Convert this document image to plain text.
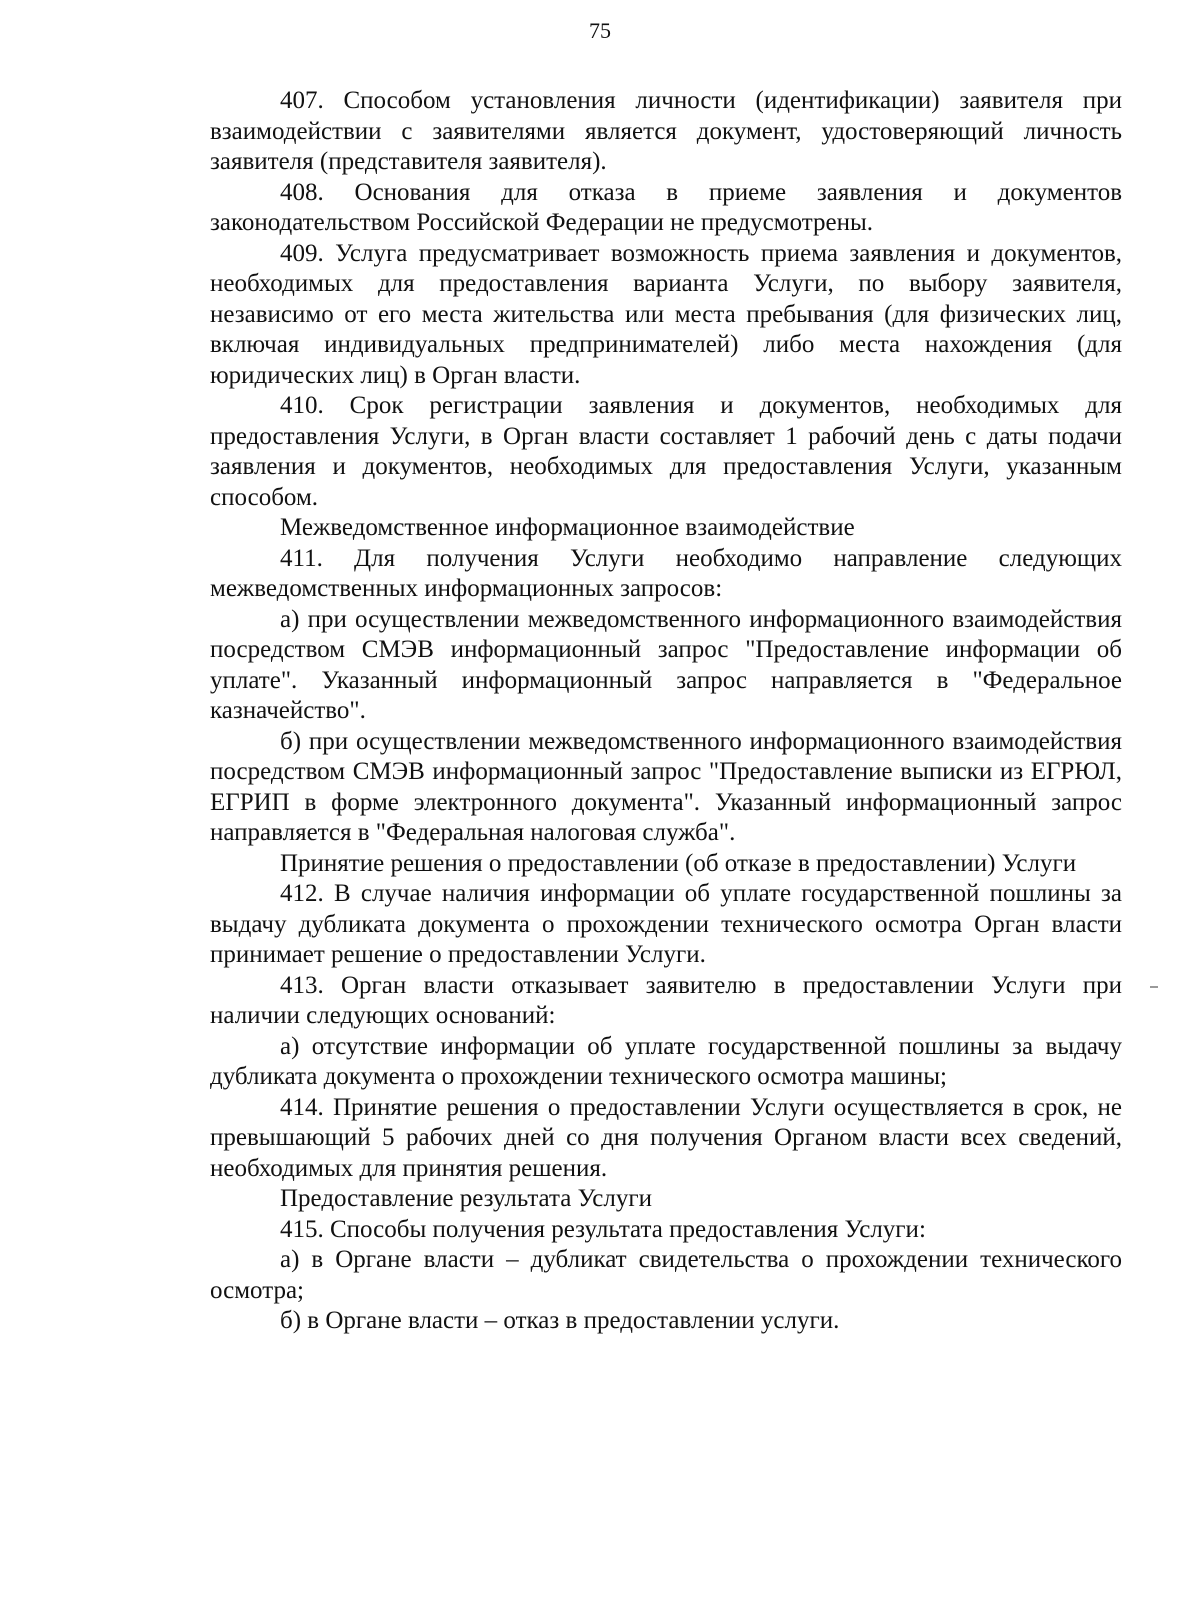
75

407. Способом установления личности (идентификации) заявителя при взаимодействии с заявителями является документ, удостоверяющий личность заявителя (представителя заявителя).

408. Основания для отказа в приеме заявления и документов законодательством Российской Федерации не предусмотрены.

409. Услуга предусматривает возможность приема заявления и документов, необходимых для предоставления варианта Услуги, по выбору заявителя, независимо от его места жительства или места пребывания (для физических лиц, включая индивидуальных предпринимателей) либо места нахождения (для юридических лиц) в Орган власти.

410. Срок регистрации заявления и документов, необходимых для предоставления Услуги, в Орган власти составляет 1 рабочий день с даты подачи заявления и документов, необходимых для предоставления Услуги, указанным способом.

Межведомственное информационное взаимодействие

411. Для получения Услуги необходимо направление следующих межведомственных информационных запросов:

а) при осуществлении межведомственного информационного взаимодействия посредством СМЭВ информационный запрос "Предоставление информации об уплате". Указанный информационный запрос направляется в "Федеральное казначейство".

б) при осуществлении межведомственного информационного взаимодействия посредством СМЭВ информационный запрос "Предоставление выписки из ЕГРЮЛ, ЕГРИП в форме электронного документа". Указанный информационный запрос направляется в "Федеральная налоговая служба".

Принятие решения о предоставлении (об отказе в предоставлении) Услуги

412. В случае наличия информации об уплате государственной пошлины за выдачу дубликата документа о прохождении технического осмотра Орган власти принимает решение о предоставлении Услуги.

413. Орган власти отказывает заявителю в предоставлении Услуги при наличии следующих оснований:

а) отсутствие информации об уплате государственной пошлины за выдачу дубликата документа о прохождении технического осмотра машины;

414. Принятие решения о предоставлении Услуги осуществляется в срок, не превышающий 5 рабочих дней со дня получения Органом власти всех сведений, необходимых для принятия решения.

Предоставление результата Услуги

415. Способы получения результата предоставления Услуги:

а) в Органе власти – дубликат свидетельства о прохождении технического осмотра;

б) в Органе власти – отказ в предоставлении услуги.
